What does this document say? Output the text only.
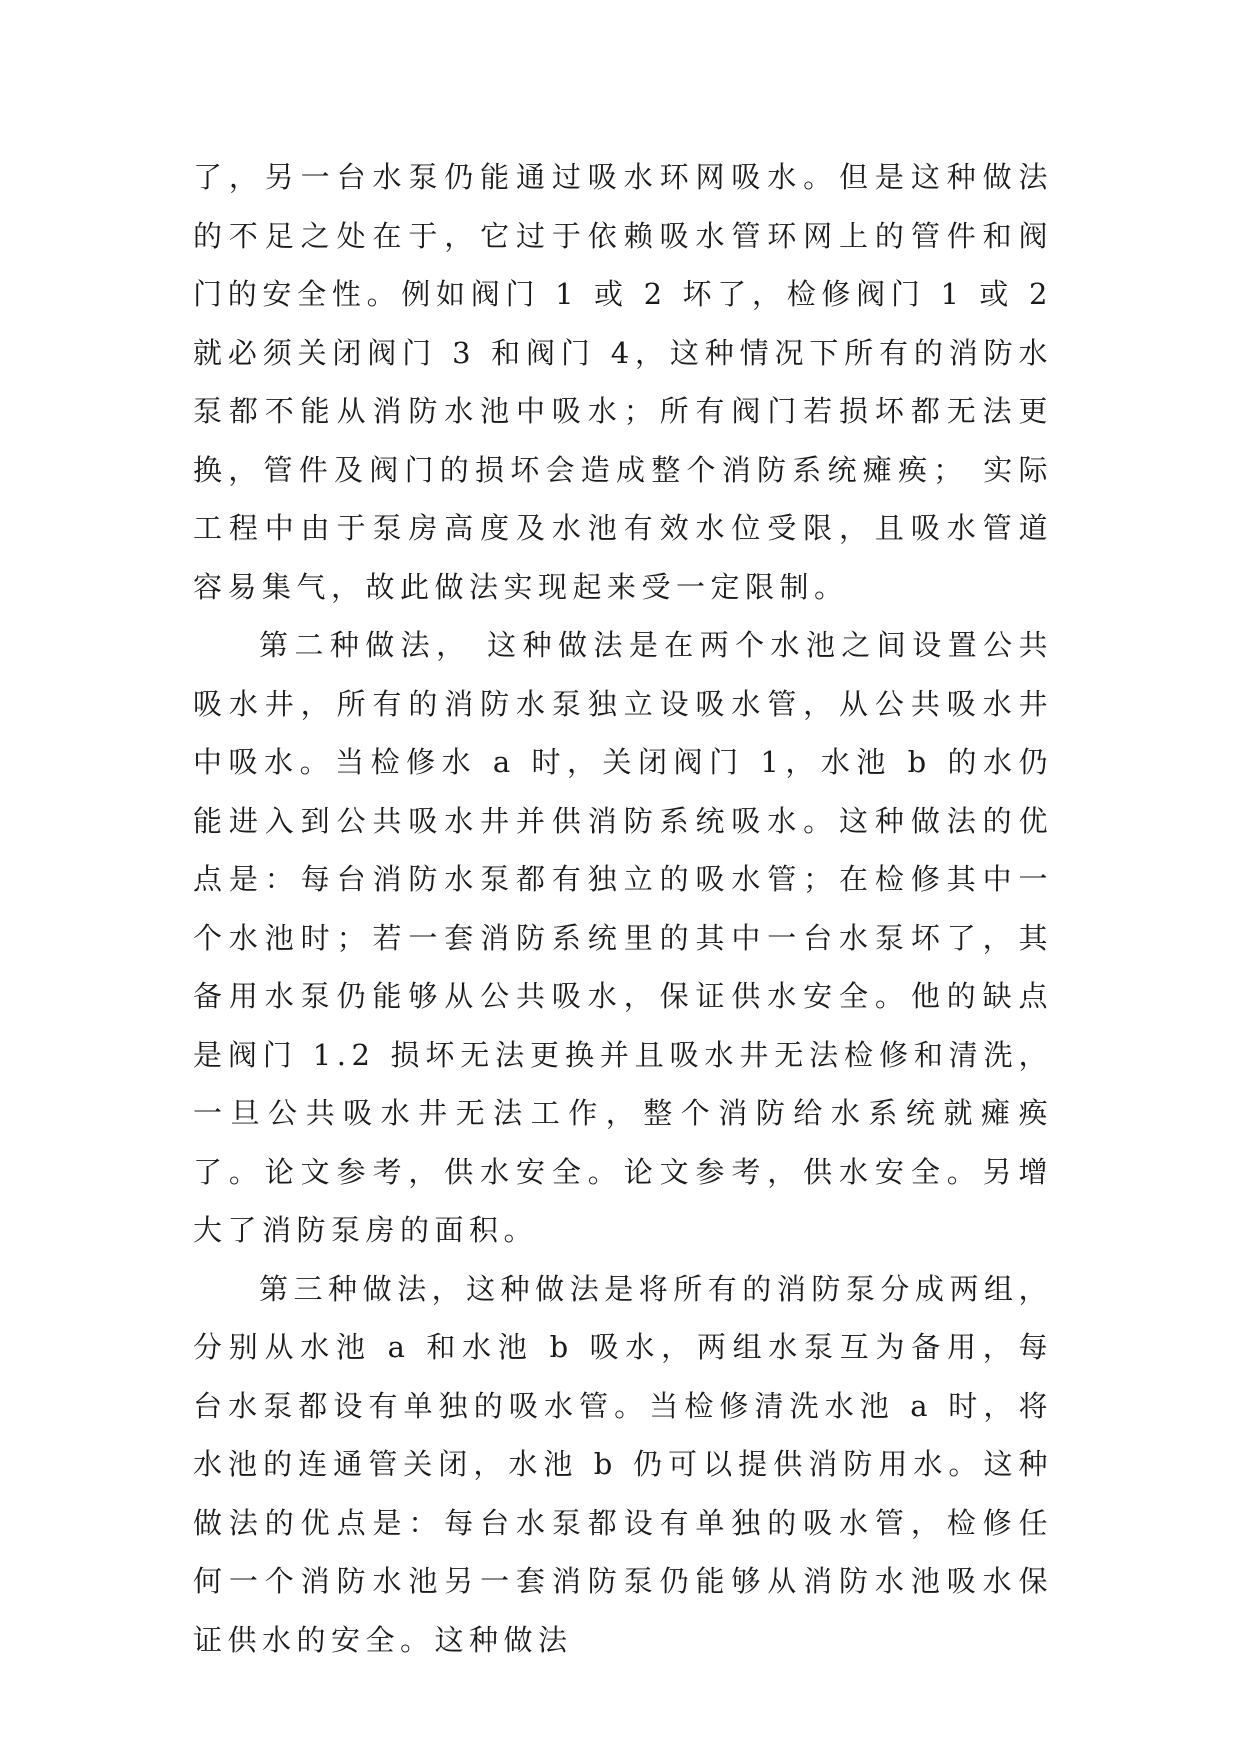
了，另一台水泵仍能通过吸水环网吸水。但是这种做法的不足之处在于，它过于依赖吸水管环网上的管件和阀门的安全性。例如阀门 1 或 2 坏了，检修阀门 1 或 2 就必须关闭阀门 3 和阀门 4，这种情况下所有的消防水泵都不能从消防水池中吸水；所有阀门若损坏都无法更换，管件及阀门的损坏会造成整个消防系统瘫痪； 实际工程中由于泵房高度及水池有效水位受限，且吸水管道容易集气，故此做法实现起来受一定限制。

第二种做法， 这种做法是在两个水池之间设置公共吸水井，所有的消防水泵独立设吸水管，从公共吸水井中吸水。当检修水 a 时，关闭阀门 1，水池 b 的水仍能进入到公共吸水井并供消防系统吸水。这种做法的优点是：每台消防水泵都有独立的吸水管；在检修其中一个水池时；若一套消防系统里的其中一台水泵坏了，其备用水泵仍能够从公共吸水，保证供水安全。他的缺点是阀门 1.2 损坏无法更换并且吸水井无法检修和清洗，一旦公共吸水井无法工作，整个消防给水系统就瘫痪了。论文参考，供水安全。论文参考，供水安全。另增大了消防泵房的面积。

第三种做法，这种做法是将所有的消防泵分成两组，分别从水池 a 和水池 b 吸水，两组水泵互为备用，每台水泵都设有单独的吸水管。当检修清洗水池 a 时，将水池的连通管关闭，水池 b 仍可以提供消防用水。这种做法的优点是：每台水泵都设有单独的吸水管，检修任何一个消防水池另一套消防泵仍能够从消防水池吸水保证供水的安全。这种做法
